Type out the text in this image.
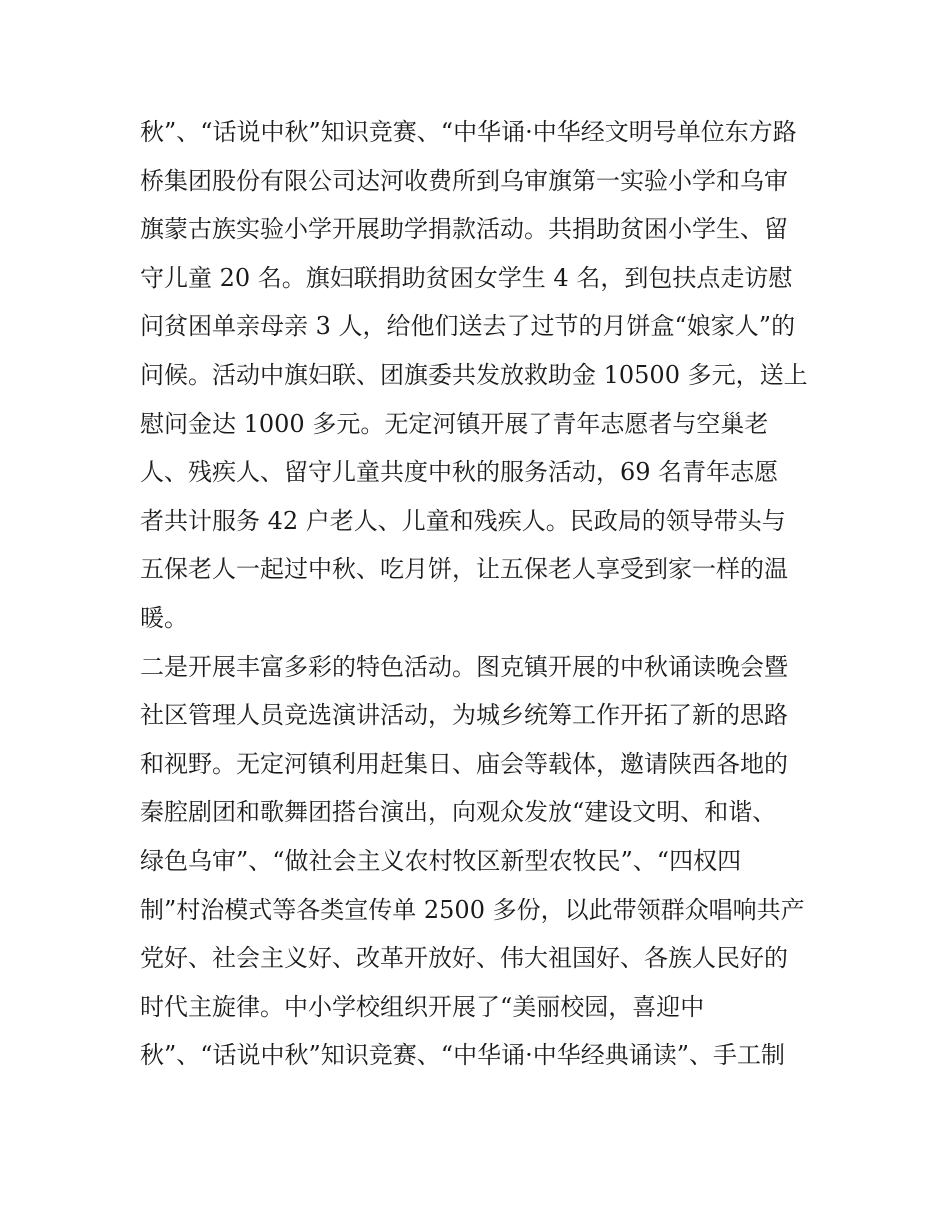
秋”、“话说中秋”知识竞赛、“中华诵·中华经文明号单位东方路
桥集团股份有限公司达河收费所到乌审旗第一实验小学和乌审
旗蒙古族实验小学开展助学捐款活动。共捐助贫困小学生、留
守儿童 20 名。旗妇联捐助贫困女学生 4 名，到包扶点走访慰
问贫困单亲母亲 3 人，给他们送去了过节的月饼盒“娘家人”的
问候。活动中旗妇联、团旗委共发放救助金 10500 多元，送上
慰问金达 1000 多元。无定河镇开展了青年志愿者与空巢老
人、残疾人、留守儿童共度中秋的服务活动，69 名青年志愿
者共计服务 42 户老人、儿童和残疾人。民政局的领导带头与
五保老人一起过中秋、吃月饼，让五保老人享受到家一样的温
暖。
二是开展丰富多彩的特色活动。图克镇开展的中秋诵读晚会暨
社区管理人员竞选演讲活动，为城乡统筹工作开拓了新的思路
和视野。无定河镇利用赶集日、庙会等载体，邀请陕西各地的
秦腔剧团和歌舞团搭台演出，向观众发放“建设文明、和谐、
绿色乌审”、“做社会主义农村牧区新型农牧民”、“四权四
制”村治模式等各类宣传单 2500 多份，以此带领群众唱响共产
党好、社会主义好、改革开放好、伟大祖国好、各族人民好的
时代主旋律。中小学校组织开展了“美丽校园，喜迎中
秋”、“话说中秋”知识竞赛、“中华诵·中华经典诵读”、手工制
